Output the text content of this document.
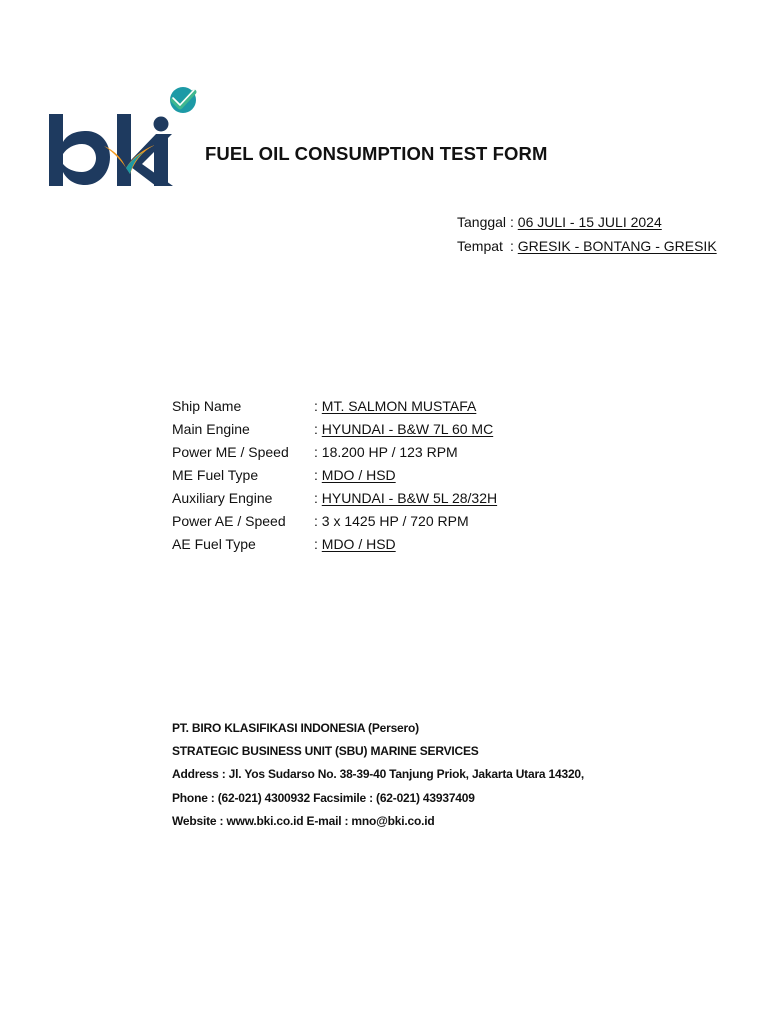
FUEL OIL CONSUMPTION TEST FORM
Tanggal : 06 JULI - 15 JULI 2024
Tempat : GRESIK - BONTANG - GRESIK
Ship Name	: MT. SALMON MUSTAFA
Main Engine	: HYUNDAI - B&W 7L 60 MC
Power ME / Speed : 18.200 HP / 123 RPM
ME Fuel Type	: MDO / HSD
Auxiliary Engine	: HYUNDAI - B&W 5L 28/32H
Power AE / Speed : 3 x 1425 HP / 720 RPM
AE Fuel Type	: MDO / HSD
PT. BIRO KLASIFIKASI INDONESIA (Persero)
STRATEGIC BUSINESS UNIT (SBU) MARINE SERVICES
Address : Jl. Yos Sudarso No. 38-39-40 Tanjung Priok, Jakarta Utara 14320,
Phone : (62-021) 4300932 Facsimile : (62-021) 43937409
Website : www.bki.co.id E-mail : mno@bki.co.id
